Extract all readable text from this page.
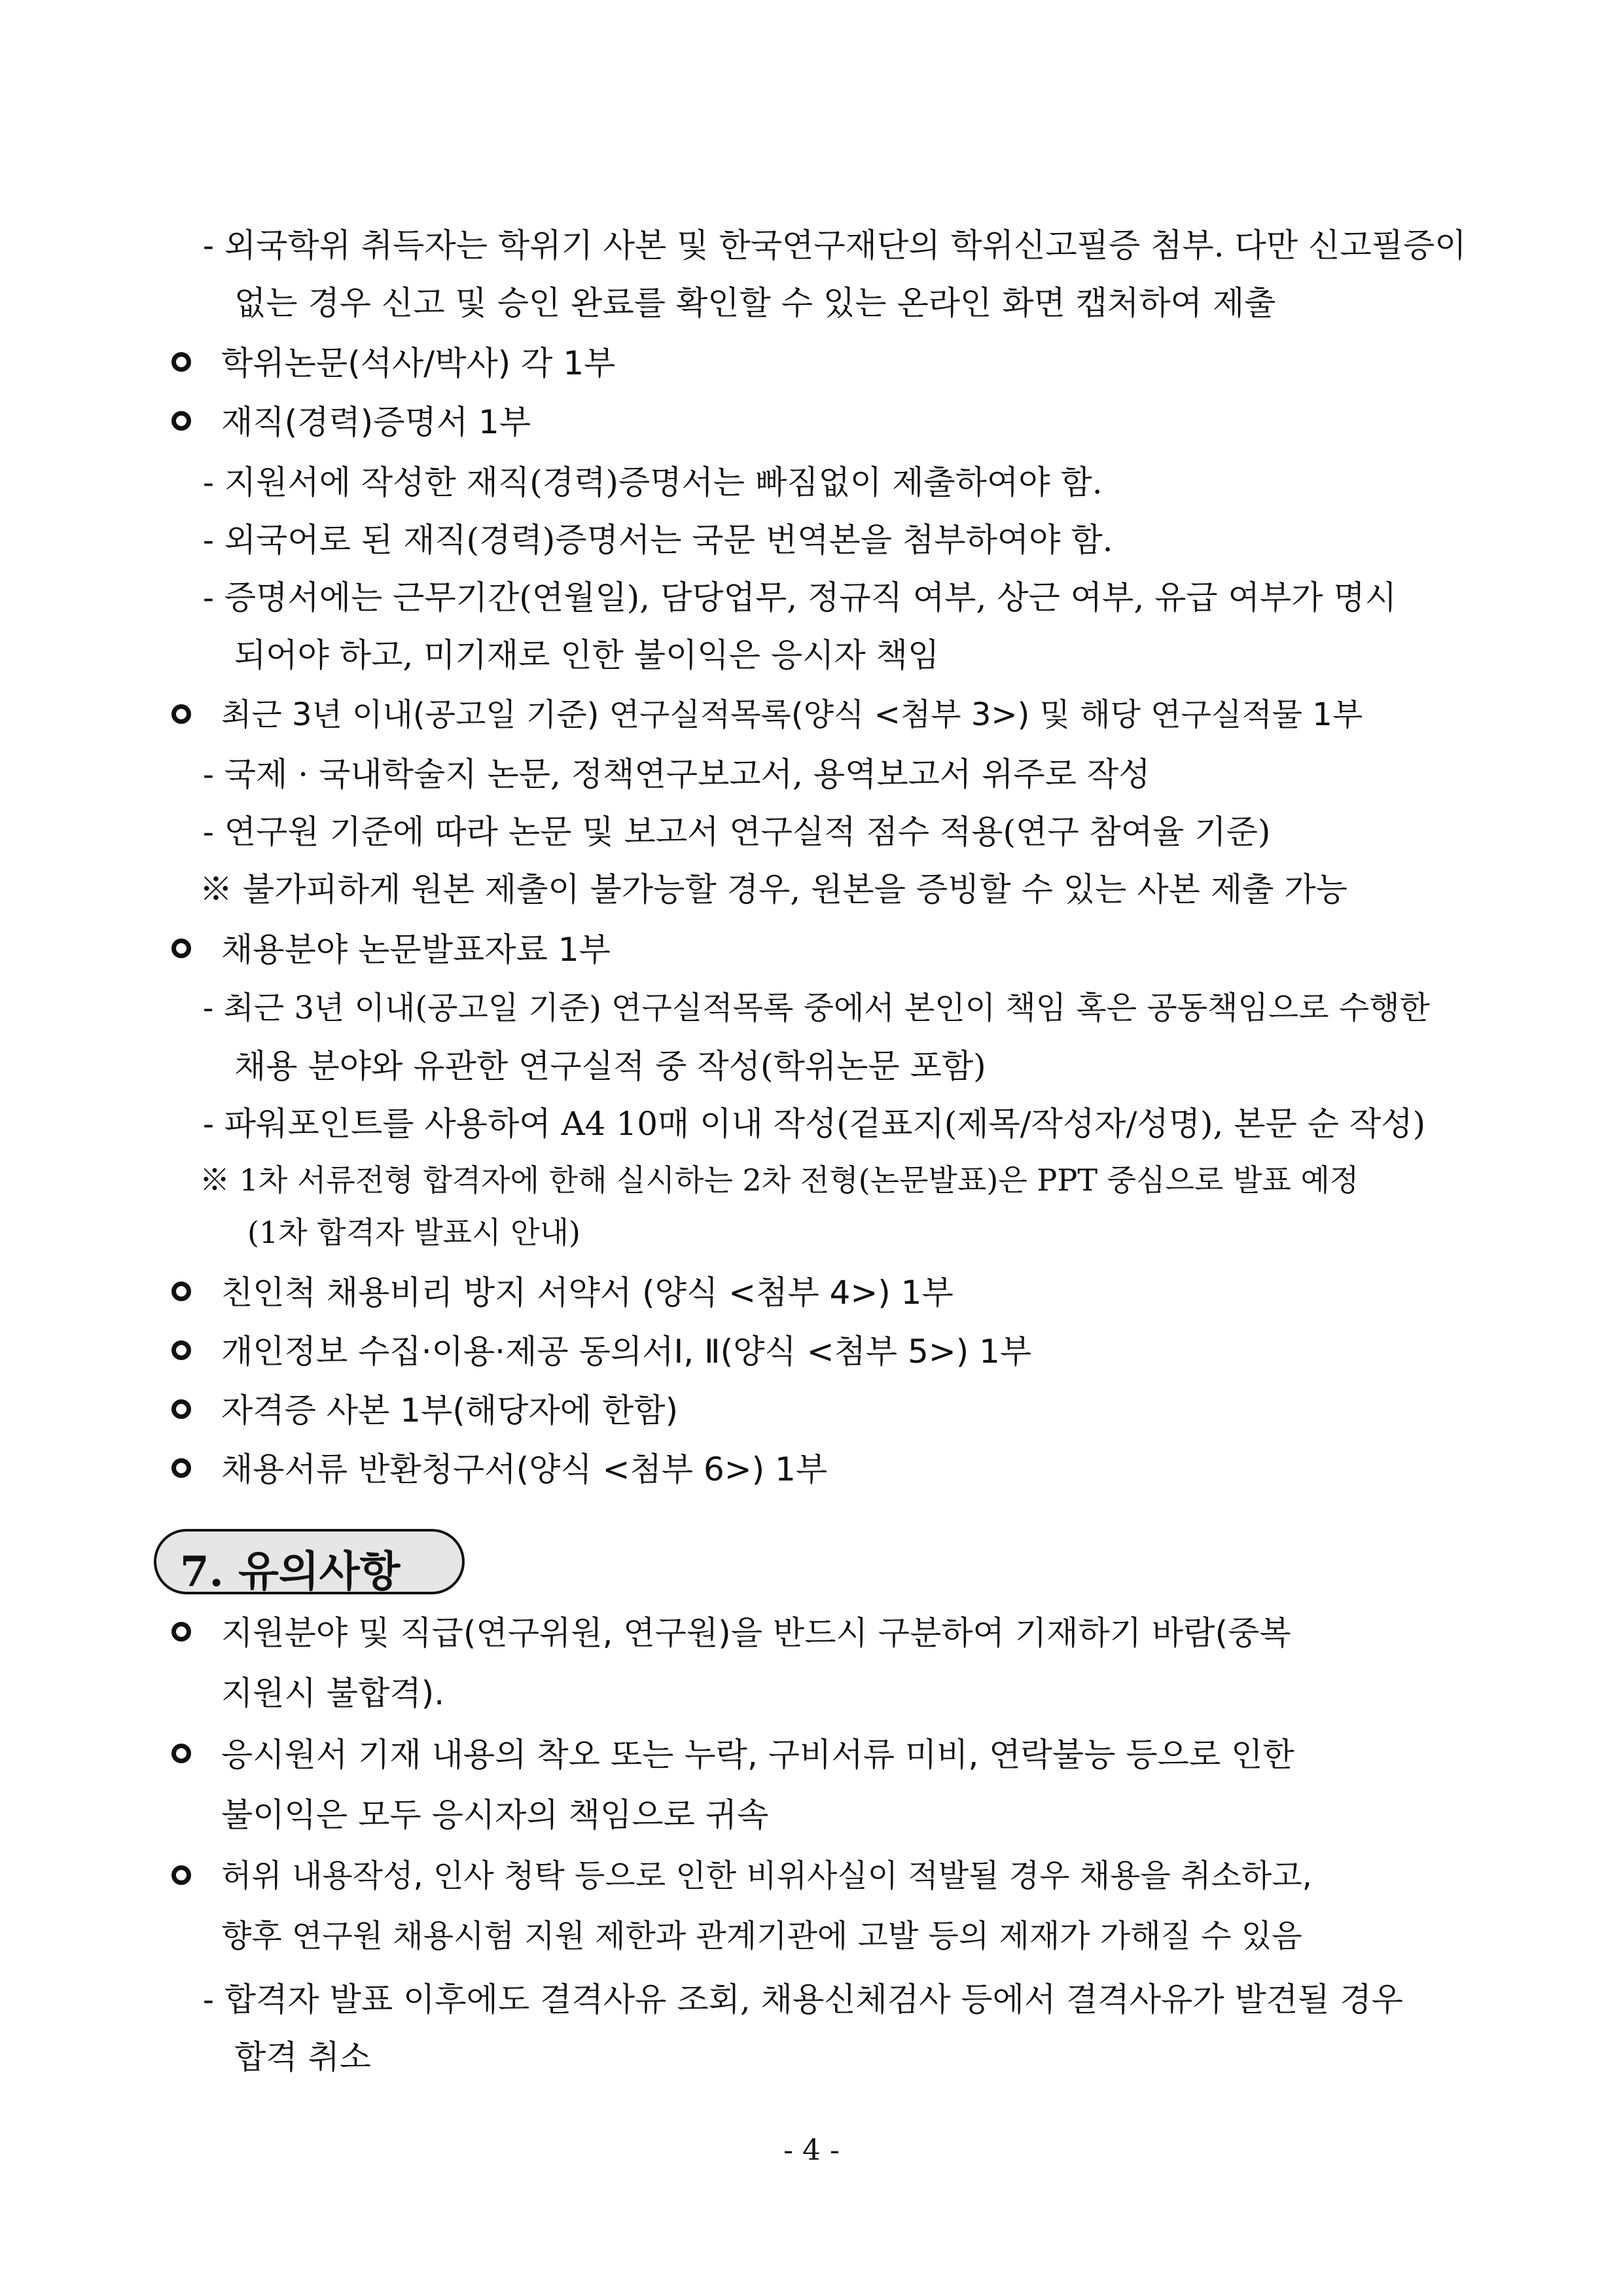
- 외국학위 취득자는 학위기 사본 및 한국연구재단의 학위신고필증 첨부. 다만 신고필증이
없는 경우 신고 및 승인 완료를 확인할 수 있는 온라인 화면 캡처하여 제출
학위논문(석사/박사) 각 1부
재직(경력)증명서 1부
- 지원서에 작성한 재직(경력)증명서는 빠짐없이 제출하여야 함.
- 외국어로 된 재직(경력)증명서는 국문 번역본을 첨부하여야 함.
- 증명서에는 근무기간(연월일), 담당업무, 정규직 여부, 상근 여부, 유급 여부가 명시
되어야 하고, 미기재로 인한 불이익은 응시자 책임
최근 3년 이내(공고일 기준) 연구실적목록(양식 <첨부 3>) 및 해당 연구실적물 1부
- 국제 · 국내학술지 논문, 정책연구보고서, 용역보고서 위주로 작성
- 연구원 기준에 따라 논문 및 보고서 연구실적 점수 적용(연구 참여율 기준)
※ 불가피하게 원본 제출이 불가능할 경우, 원본을 증빙할 수 있는 사본 제출 가능
채용분야 논문발표자료 1부
- 최근 3년 이내(공고일 기준) 연구실적목록 중에서 본인이 책임 혹은 공동책임으로 수행한
채용 분야와 유관한 연구실적 중 작성(학위논문 포함)
- 파워포인트를 사용하여 A4 10매 이내 작성(겉표지(제목/작성자/성명), 본문 순 작성)
※ 1차 서류전형 합격자에 한해 실시하는 2차 전형(논문발표)은 PPT 중심으로 발표 예정
(1차 합격자 발표시 안내)
친인척 채용비리 방지 서약서 (양식 <첨부 4>) 1부
개인정보 수집·이용·제공 동의서Ⅰ, Ⅱ(양식 <첨부 5>) 1부
자격증 사본 1부(해당자에 한함)
채용서류 반환청구서(양식 <첨부 6>) 1부
7. 유의사항
지원분야 및 직급(연구위원, 연구원)을 반드시 구분하여 기재하기 바람(중복
지원시 불합격).
응시원서 기재 내용의 착오 또는 누락, 구비서류 미비, 연락불능 등으로 인한
불이익은 모두 응시자의 책임으로 귀속
허위 내용작성, 인사 청탁 등으로 인한 비위사실이 적발될 경우 채용을 취소하고,
향후 연구원 채용시험 지원 제한과 관계기관에 고발 등의 제재가 가해질 수 있음
- 합격자 발표 이후에도 결격사유 조회, 채용신체검사 등에서 결격사유가 발견될 경우
합격 취소
- 4 -
